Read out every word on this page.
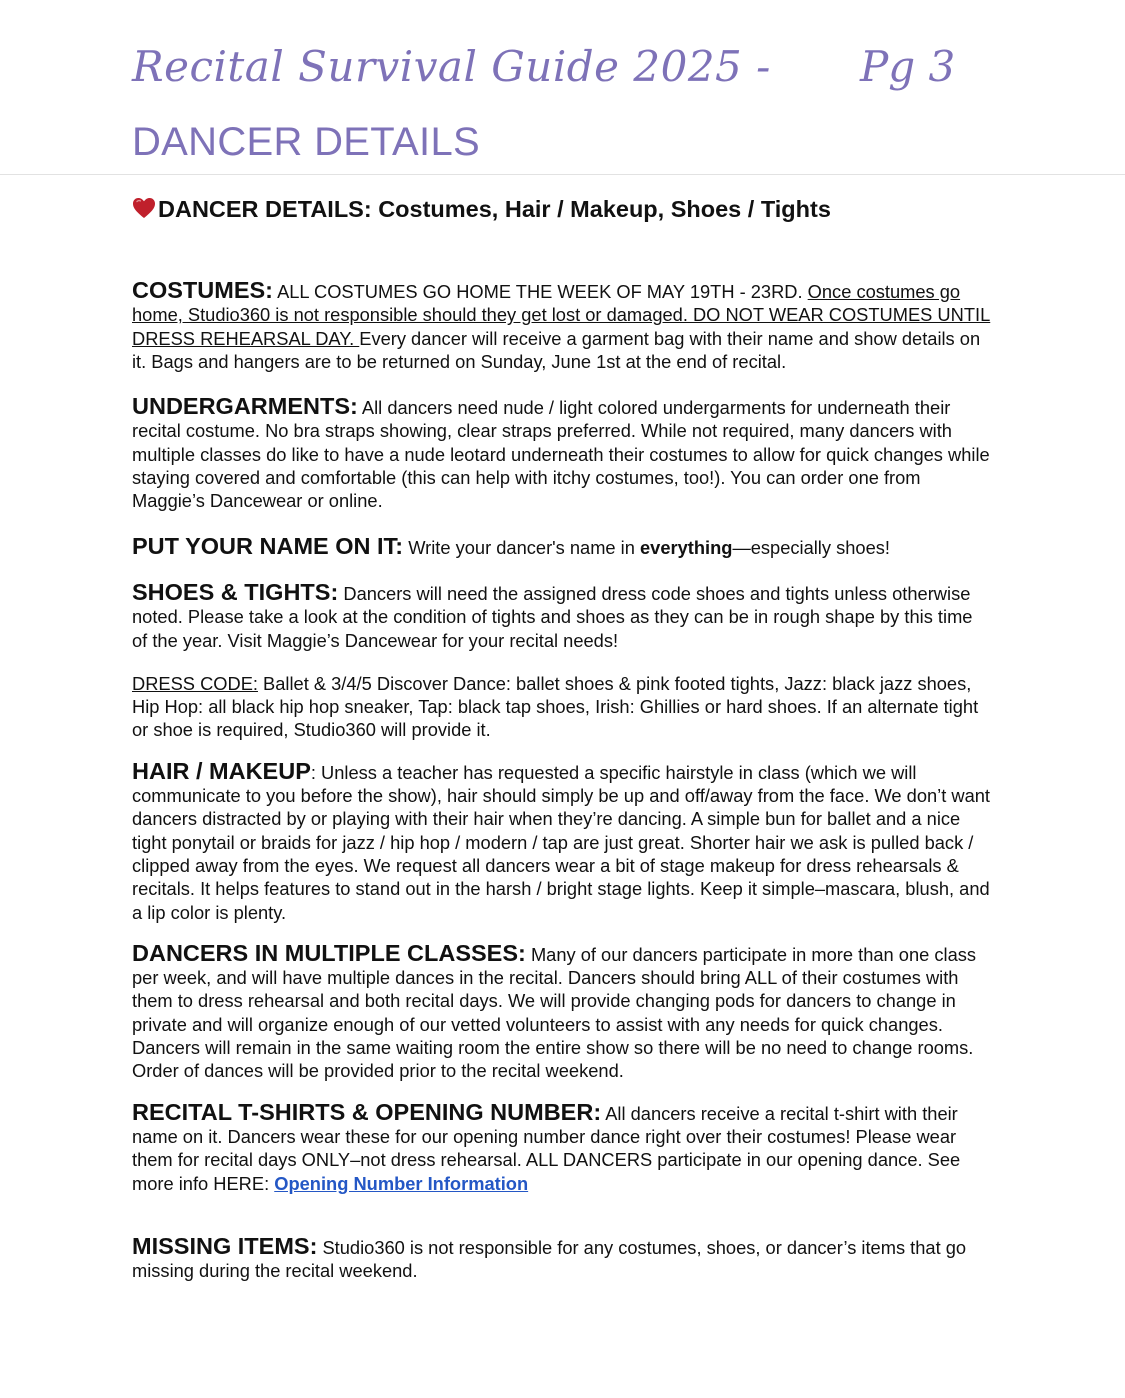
Recital Survival Guide 2025 - Pg 3
DANCER DETAILS
DANCER DETAILS: Costumes, Hair / Makeup, Shoes / Tights

COSTUMES: ALL COSTUMES GO HOME THE WEEK OF MAY 19TH - 23RD. Once costumes go home, Studio360 is not responsible should they get lost or damaged. DO NOT WEAR COSTUMES UNTIL DRESS REHEARSAL DAY. Every dancer will receive a garment bag with their name and show details on it. Bags and hangers are to be returned on Sunday, June 1st at the end of recital.

UNDERGARMENTS: All dancers need nude / light colored undergarments for underneath their recital costume. No bra straps showing, clear straps preferred. While not required, many dancers with multiple classes do like to have a nude leotard underneath their costumes to allow for quick changes while staying covered and comfortable (this can help with itchy costumes, too!). You can order one from Maggie’s Dancewear or online.

PUT YOUR NAME ON IT: Write your dancer's name in everything—especially shoes!

SHOES & TIGHTS: Dancers will need the assigned dress code shoes and tights unless otherwise noted. Please take a look at the condition of tights and shoes as they can be in rough shape by this time of the year. Visit Maggie’s Dancewear for your recital needs!

DRESS CODE: Ballet & 3/4/5 Discover Dance: ballet shoes & pink footed tights, Jazz: black jazz shoes, Hip Hop: all black hip hop sneaker, Tap: black tap shoes, Irish: Ghillies or hard shoes. If an alternate tight or shoe is required, Studio360 will provide it.

HAIR / MAKEUP: Unless a teacher has requested a specific hairstyle in class (which we will communicate to you before the show), hair should simply be up and off/away from the face. We don’t want dancers distracted by or playing with their hair when they’re dancing. A simple bun for ballet and a nice tight ponytail or braids for jazz / hip hop / modern / tap are just great. Shorter hair we ask is pulled back / clipped away from the eyes. We request all dancers wear a bit of stage makeup for dress rehearsals & recitals. It helps features to stand out in the harsh / bright stage lights. Keep it simple–mascara, blush, and a lip color is plenty.

DANCERS IN MULTIPLE CLASSES: Many of our dancers participate in more than one class per week, and will have multiple dances in the recital. Dancers should bring ALL of their costumes with them to dress rehearsal and both recital days. We will provide changing pods for dancers to change in private and will organize enough of our vetted volunteers to assist with any needs for quick changes. Dancers will remain in the same waiting room the entire show so there will be no need to change rooms. Order of dances will be provided prior to the recital weekend.

RECITAL T-SHIRTS & OPENING NUMBER: All dancers receive a recital t-shirt with their name on it. Dancers wear these for our opening number dance right over their costumes! Please wear them for recital days ONLY–not dress rehearsal. ALL DANCERS participate in our opening dance. See more info HERE: Opening Number Information

MISSING ITEMS: Studio360 is not responsible for any costumes, shoes, or dancer’s items that go missing during the recital weekend.
